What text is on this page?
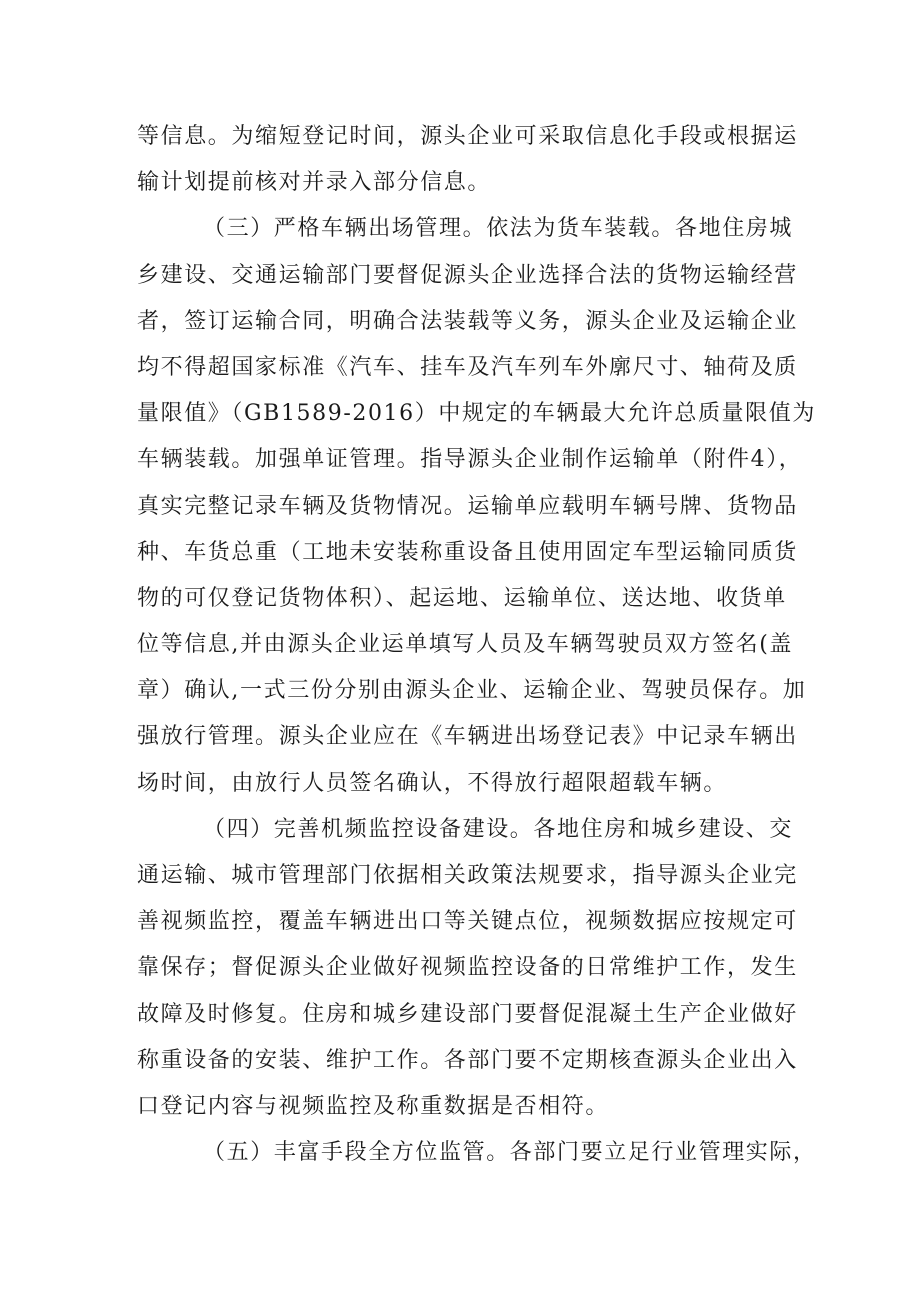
等信息。为缩短登记时间，源头企业可采取信息化手段或根据运
输计划提前核对并录入部分信息。
（三）严格车辆出场管理。依法为货车装载。各地住房城
乡建设、交通运输部门要督促源头企业选择合法的货物运输经营
者，签订运输合同，明确合法装载等义务，源头企业及运输企业
均不得超国家标准《汽车、挂车及汽车列车外廓尺寸、轴荷及质
量限值》（GB1589-2016）中规定的车辆最大允许总质量限值为
车辆装载。加强单证管理。指导源头企业制作运输单（附件4），
真实完整记录车辆及货物情况。运输单应载明车辆号牌、货物品
种、车货总重（工地未安装称重设备且使用固定车型运输同质货
物的可仅登记货物体积）、起运地、运输单位、送达地、收货单
位等信息,并由源头企业运单填写人员及车辆驾驶员双方签名(盖
章）确认,一式三份分别由源头企业、运输企业、驾驶员保存。加
强放行管理。源头企业应在《车辆进出场登记表》中记录车辆出
场时间，由放行人员签名确认，不得放行超限超载车辆。
（四）完善机频监控设备建设。各地住房和城乡建设、交
通运输、城市管理部门依据相关政策法规要求，指导源头企业完
善视频监控，覆盖车辆进出口等关键点位，视频数据应按规定可
靠保存；督促源头企业做好视频监控设备的日常维护工作，发生
故障及时修复。住房和城乡建设部门要督促混凝土生产企业做好
称重设备的安装、维护工作。各部门要不定期核查源头企业出入
口登记内容与视频监控及称重数据是否相符。
（五）丰富手段全方位监管。各部门要立足行业管理实际，
